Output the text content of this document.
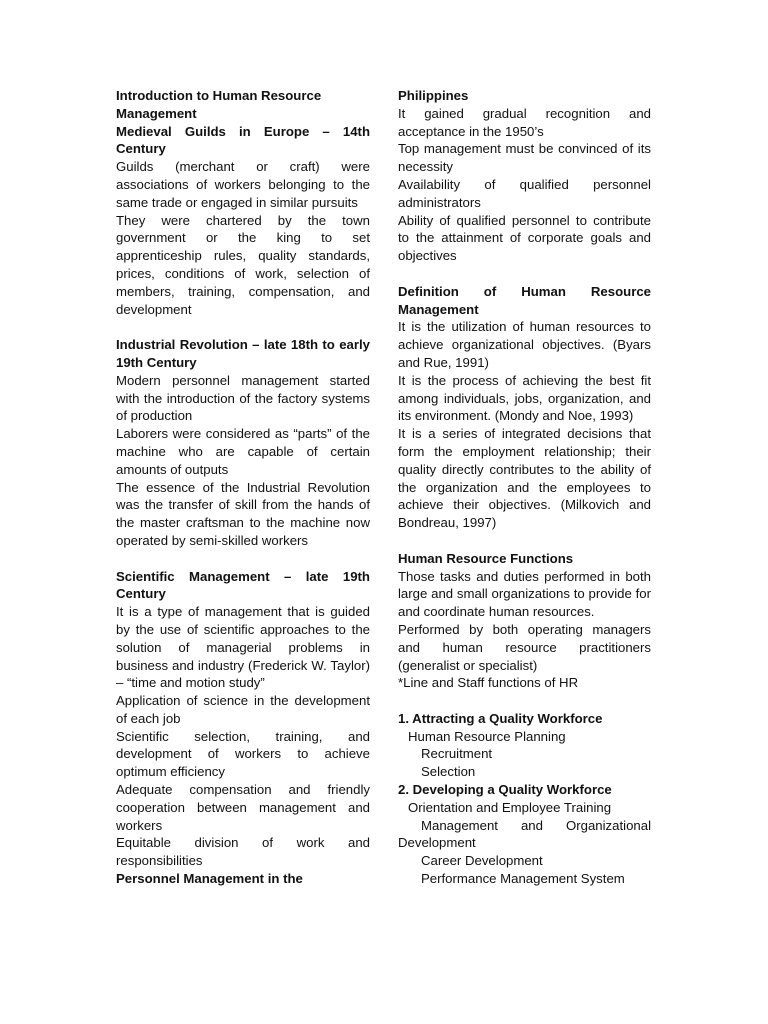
Introduction to Human Resource Management

Medieval Guilds in Europe – 14th Century

Guilds (merchant or craft) were associations of workers belonging to the same trade or engaged in similar pursuits

They were chartered by the town government or the king to set apprenticeship rules, quality standards, prices, conditions of work, selection of members, training, compensation, and development

Industrial Revolution – late 18th to early 19th Century

Modern personnel management started with the introduction of the factory systems of production

Laborers were considered as “parts” of the machine who are capable of certain amounts of outputs

The essence of the Industrial Revolution was the transfer of skill from the hands of the master craftsman to the machine now operated by semi-skilled workers

Scientific Management – late 19th Century

It is a type of management that is guided by the use of scientific approaches to the solution of managerial problems in business and industry (Frederick W. Taylor) – “time and motion study”

Application of science in the development of each job

Scientific selection, training, and development of workers to achieve optimum efficiency

Adequate compensation and friendly cooperation between management and workers

Equitable division of work and responsibilities

Personnel Management in the

Philippines

It gained gradual recognition and acceptance in the 1950’s

Top management must be convinced of its necessity

Availability of qualified personnel administrators

Ability of qualified personnel to contribute to the attainment of corporate goals and objectives

Definition of Human Resource Management

It is the utilization of human resources to achieve organizational objectives. (Byars and Rue, 1991)

It is the process of achieving the best fit among individuals, jobs, organization, and its environment. (Mondy and Noe, 1993)

It is a series of integrated decisions that form the employment relationship; their quality directly contributes to the ability of the organization and the employees to achieve their objectives. (Milkovich and Bondreau, 1997)

Human Resource Functions

Those tasks and duties performed in both large and small organizations to provide for and coordinate human resources.

Performed by both operating managers and human resource practitioners (generalist or specialist)

*Line and Staff functions of HR

1. Attracting a Quality Workforce

Human Resource Planning

Recruitment

Selection

2. Developing a Quality Workforce

Orientation and Employee Training

Management and Organizational Development

Career Development

Performance Management System
